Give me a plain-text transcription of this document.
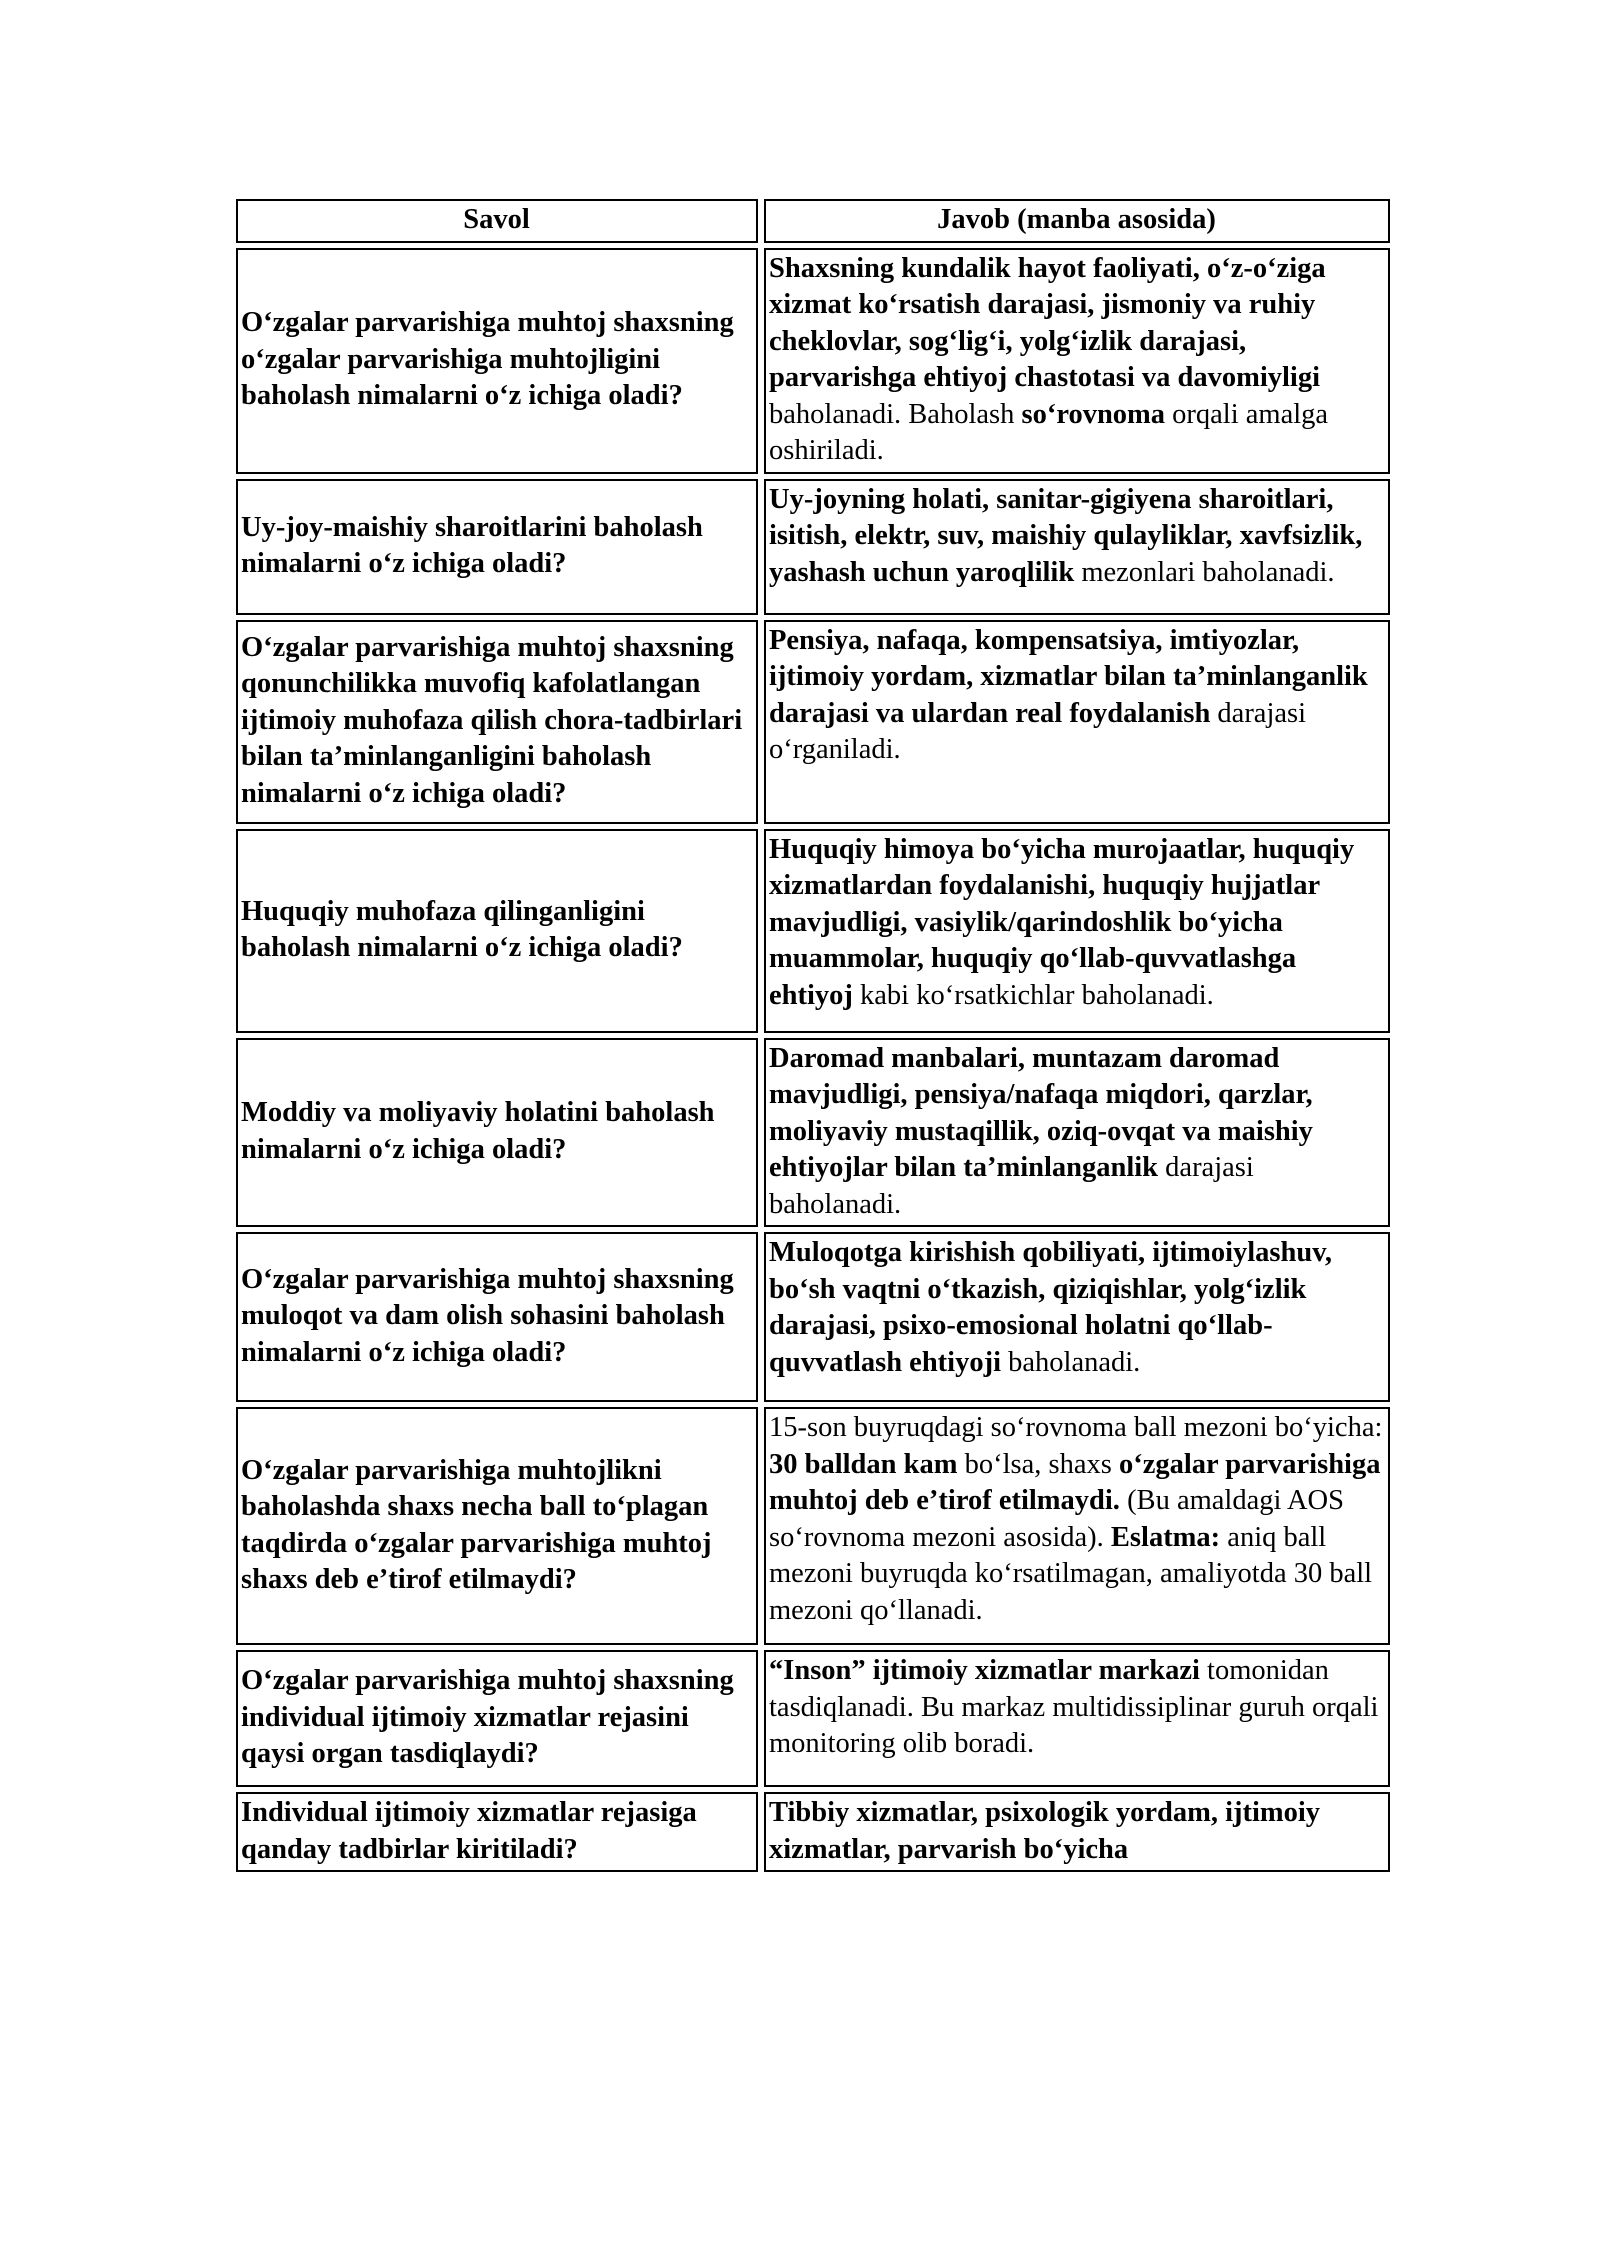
Savol	Javob (manba asosida)
O‘zgalar parvarishiga muhtoj shaxsning o‘zgalar parvarishiga muhtojligini baholash nimalarni o‘z ichiga oladi?	Shaxsning kundalik hayot faoliyati, o‘z-o‘ziga xizmat ko‘rsatish darajasi, jismoniy va ruhiy cheklovlar, sog‘lig‘i, yolg‘izlik darajasi, parvarishga ehtiyoj chastotasi va davomiyligi baholanadi. Baholash so‘rovnoma orqali amalga oshiriladi.
Uy-joy-maishiy sharoitlarini baholash nimalarni o‘z ichiga oladi?	Uy-joyning holati, sanitar-gigiyena sharoitlari, isitish, elektr, suv, maishiy qulayliklar, xavfsizlik, yashash uchun yaroqlilik mezonlari baholanadi.
O‘zgalar parvarishiga muhtoj shaxsning qonunchilikka muvofiq kafolatlangan ijtimoiy muhofaza qilish chora-tadbirlari bilan ta’minlanganligini baholash nimalarni o‘z ichiga oladi?	Pensiya, nafaqa, kompensatsiya, imtiyozlar, ijtimoiy yordam, xizmatlar bilan ta’minlanganlik darajasi va ulardan real foydalanish darajasi o‘rganiladi.
Huquqiy muhofaza qilinganligini baholash nimalarni o‘z ichiga oladi?	Huquqiy himoya bo‘yicha murojaatlar, huquqiy xizmatlardan foydalanishi, huquqiy hujjatlar mavjudligi, vasiylik/qarindoshlik bo‘yicha muammolar, huquqiy qo‘llab-quvvatlashga ehtiyoj kabi ko‘rsatkichlar baholanadi.
Moddiy va moliyaviy holatini baholash nimalarni o‘z ichiga oladi?	Daromad manbalari, muntazam daromad mavjudligi, pensiya/nafaqa miqdori, qarzlar, moliyaviy mustaqillik, oziq-ovqat va maishiy ehtiyojlar bilan ta’minlanganlik darajasi baholanadi.
O‘zgalar parvarishiga muhtoj shaxsning muloqot va dam olish sohasini baholash nimalarni o‘z ichiga oladi?	Muloqotga kirishish qobiliyati, ijtimoiylashuv, bo‘sh vaqtni o‘tkazish, qiziqishlar, yolg‘izlik darajasi, psixo-emosional holatni qo‘llab-quvvatlash ehtiyoji baholanadi.
O‘zgalar parvarishiga muhtojlikni baholashda shaxs necha ball to‘plagan taqdirda o‘zgalar parvarishiga muhtoj shaxs deb e’tirof etilmaydi?	15-son buyruqdagi so‘rovnoma ball mezoni bo‘yicha: 30 balldan kam bo‘lsa, shaxs o‘zgalar parvarishiga muhtoj deb e’tirof etilmaydi. (Bu amaldagi AOS so‘rovnoma mezoni asosida). Eslatma: aniq ball mezoni buyruqda ko‘rsatilmagan, amaliyotda 30 ball mezoni qo‘llanadi.
O‘zgalar parvarishiga muhtoj shaxsning individual ijtimoiy xizmatlar rejasini qaysi organ tasdiqlaydi?	“Inson” ijtimoiy xizmatlar markazi tomonidan tasdiqlanadi. Bu markaz multidissiplinar guruh orqali monitoring olib boradi.
Individual ijtimoiy xizmatlar rejasiga qanday tadbirlar kiritiladi?	Tibbiy xizmatlar, psixologik yordam, ijtimoiy xizmatlar, parvarish bo‘yicha
